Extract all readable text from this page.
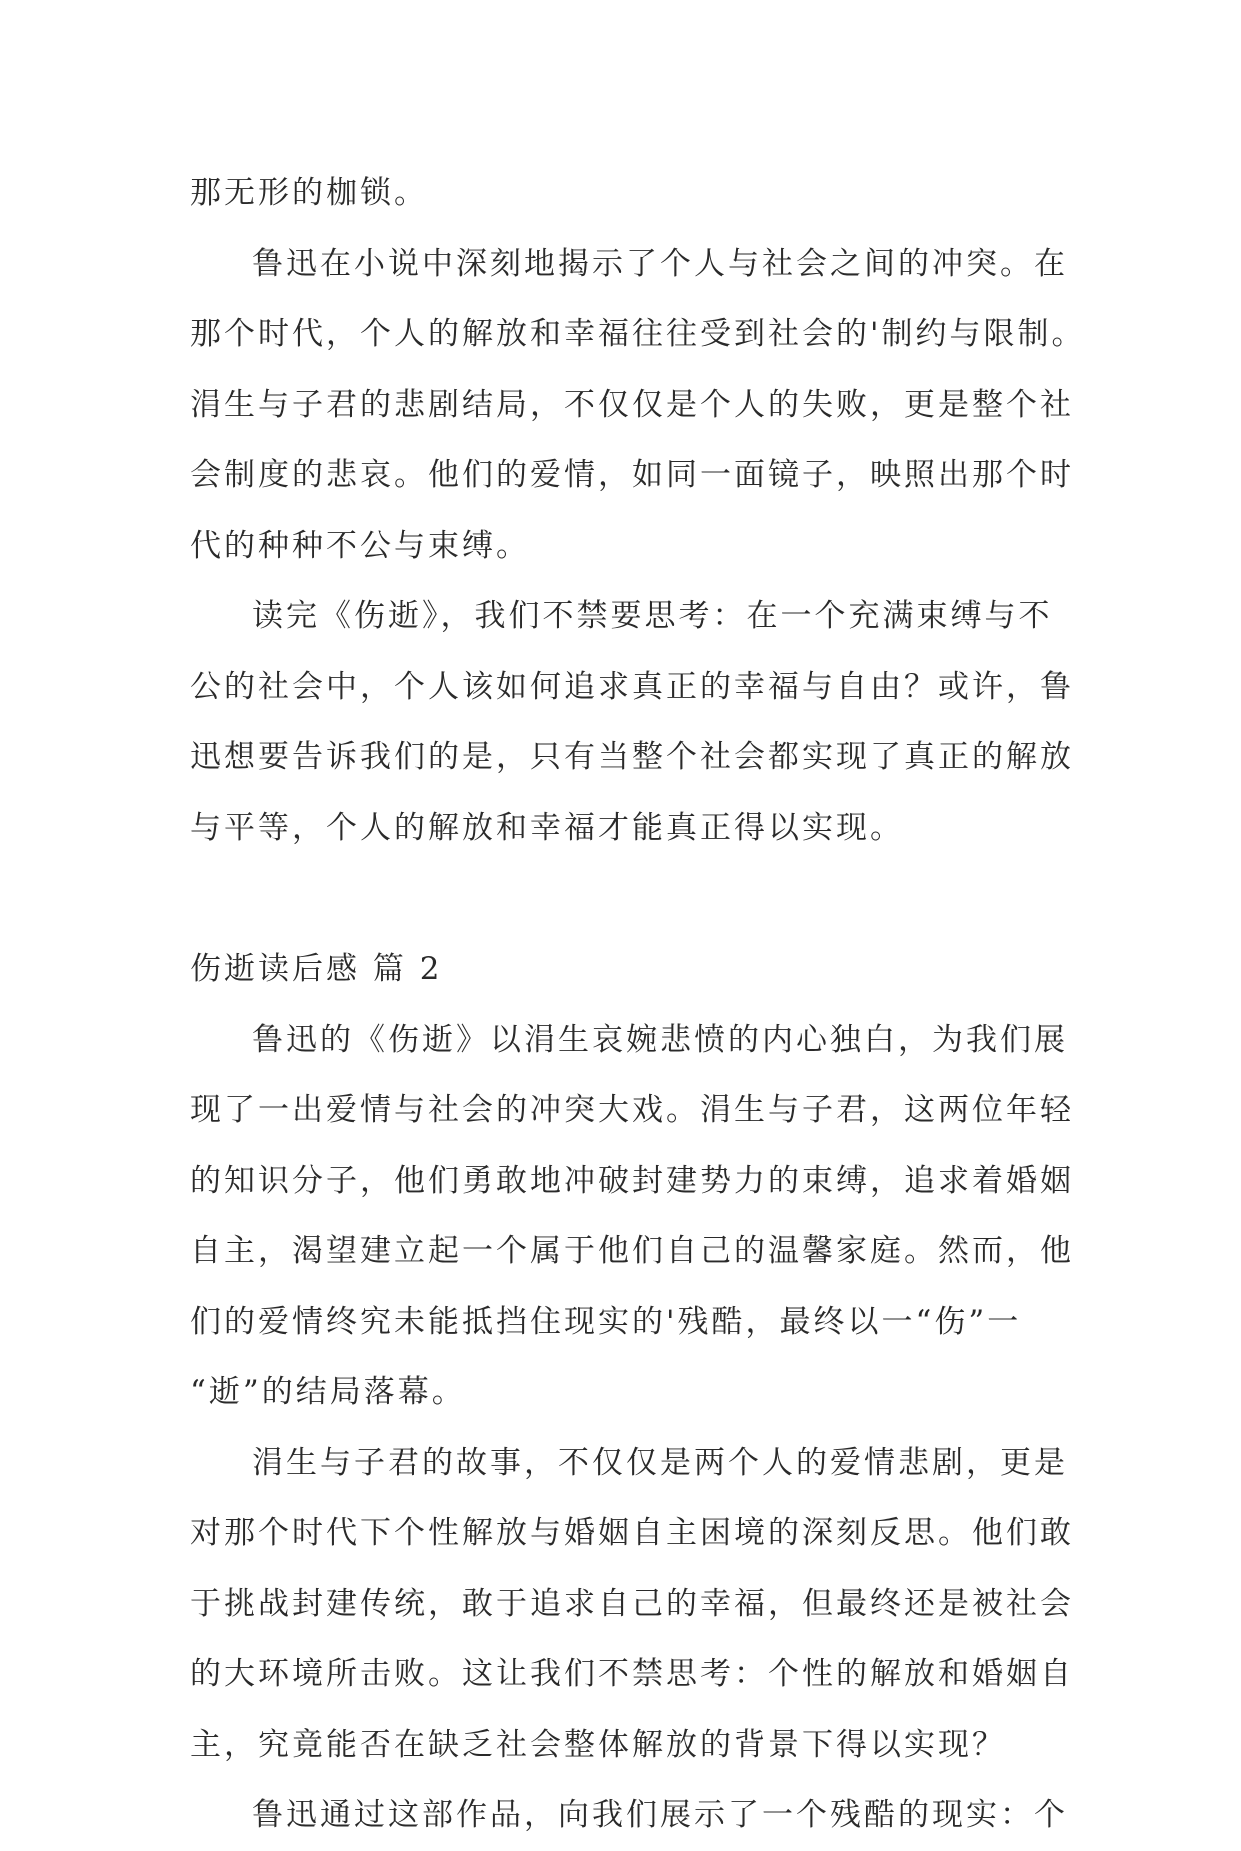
那无形的枷锁。
鲁迅在小说中深刻地揭示了个人与社会之间的冲突。在
那个时代，个人的解放和幸福往往受到社会的'制约与限制。
涓生与子君的悲剧结局，不仅仅是个人的失败，更是整个社
会制度的悲哀。他们的爱情，如同一面镜子，映照出那个时
代的种种不公与束缚。
读完《伤逝》，我们不禁要思考：在一个充满束缚与不
公的社会中，个人该如何追求真正的幸福与自由？或许，鲁
迅想要告诉我们的是，只有当整个社会都实现了真正的解放
与平等，个人的解放和幸福才能真正得以实现。
伤逝读后感 篇 2
鲁迅的《伤逝》以涓生哀婉悲愤的内心独白，为我们展
现了一出爱情与社会的冲突大戏。涓生与子君，这两位年轻
的知识分子，他们勇敢地冲破封建势力的束缚，追求着婚姻
自主，渴望建立起一个属于他们自己的温馨家庭。然而，他
们的爱情终究未能抵挡住现实的'残酷，最终以一“伤”一
“逝”的结局落幕。
涓生与子君的故事，不仅仅是两个人的爱情悲剧，更是
对那个时代下个性解放与婚姻自主困境的深刻反思。他们敢
于挑战封建传统，敢于追求自己的幸福，但最终还是被社会
的大环境所击败。这让我们不禁思考：个性的解放和婚姻自
主，究竟能否在缺乏社会整体解放的背景下得以实现？
鲁迅通过这部作品，向我们展示了一个残酷的现实：个
